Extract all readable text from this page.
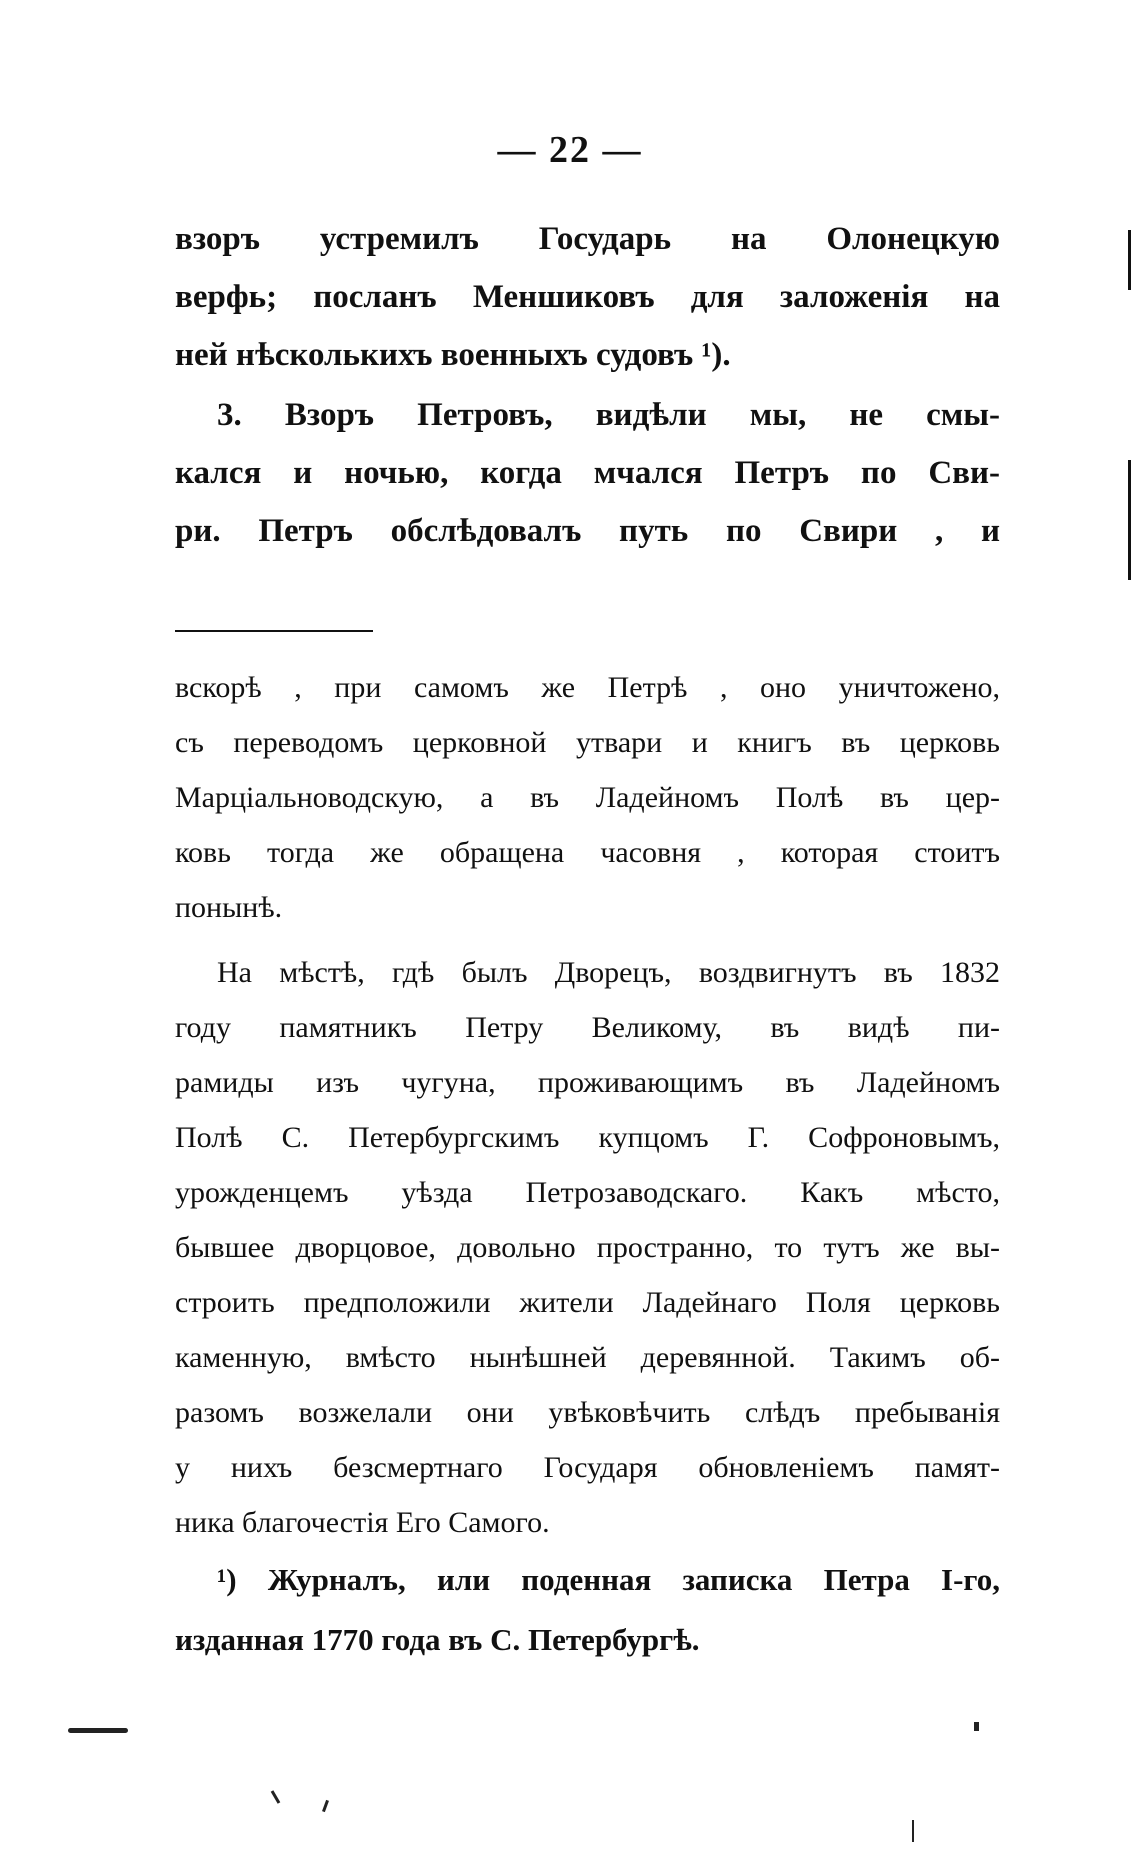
— 22 —
взоръ устремилъ Государь на Олонецкую
верфь; посланъ Меншиковъ для заложенія на
ней нѣсколькихъ военныхъ судовъ ¹).
3. Взоръ Петровъ, видѣли мы, не смы-
кался и ночью, когда мчался Петръ по Сви-
ри. Петръ обслѣдовалъ путь по Свири , и
вскорѣ , при самомъ же Петрѣ , оно уничтожено,
съ переводомъ церковной утвари и книгъ въ церковь
Марціальноводскую, а въ Ладейномъ Полѣ въ цер-
ковь тогда же обращена часовня , которая стоитъ
понынѣ.
На мѣстѣ, гдѣ былъ Дворецъ, воздвигнутъ въ 1832
году памятникъ Петру Великому, въ видѣ пи-
рамиды изъ чугуна, проживающимъ въ Ладейномъ
Полѣ С. Петербургскимъ купцомъ Г. Софроновымъ,
урожденцемъ уѣзда Петрозаводскаго. Какъ мѣсто,
бывшее дворцовое, довольно пространно, то тутъ же вы-
строить предположили жители Ладейнаго Поля церковь
каменную, вмѣсто нынѣшней деревянной. Такимъ об-
разомъ возжелали они увѣковѣчить слѣдъ пребыванія
у нихъ безсмертнаго Государя обновленіемъ памят-
ника благочестія Его Самого.
¹) Журналъ, или поденная записка Петра I-го,
изданная 1770 года въ С. Петербургѣ.
